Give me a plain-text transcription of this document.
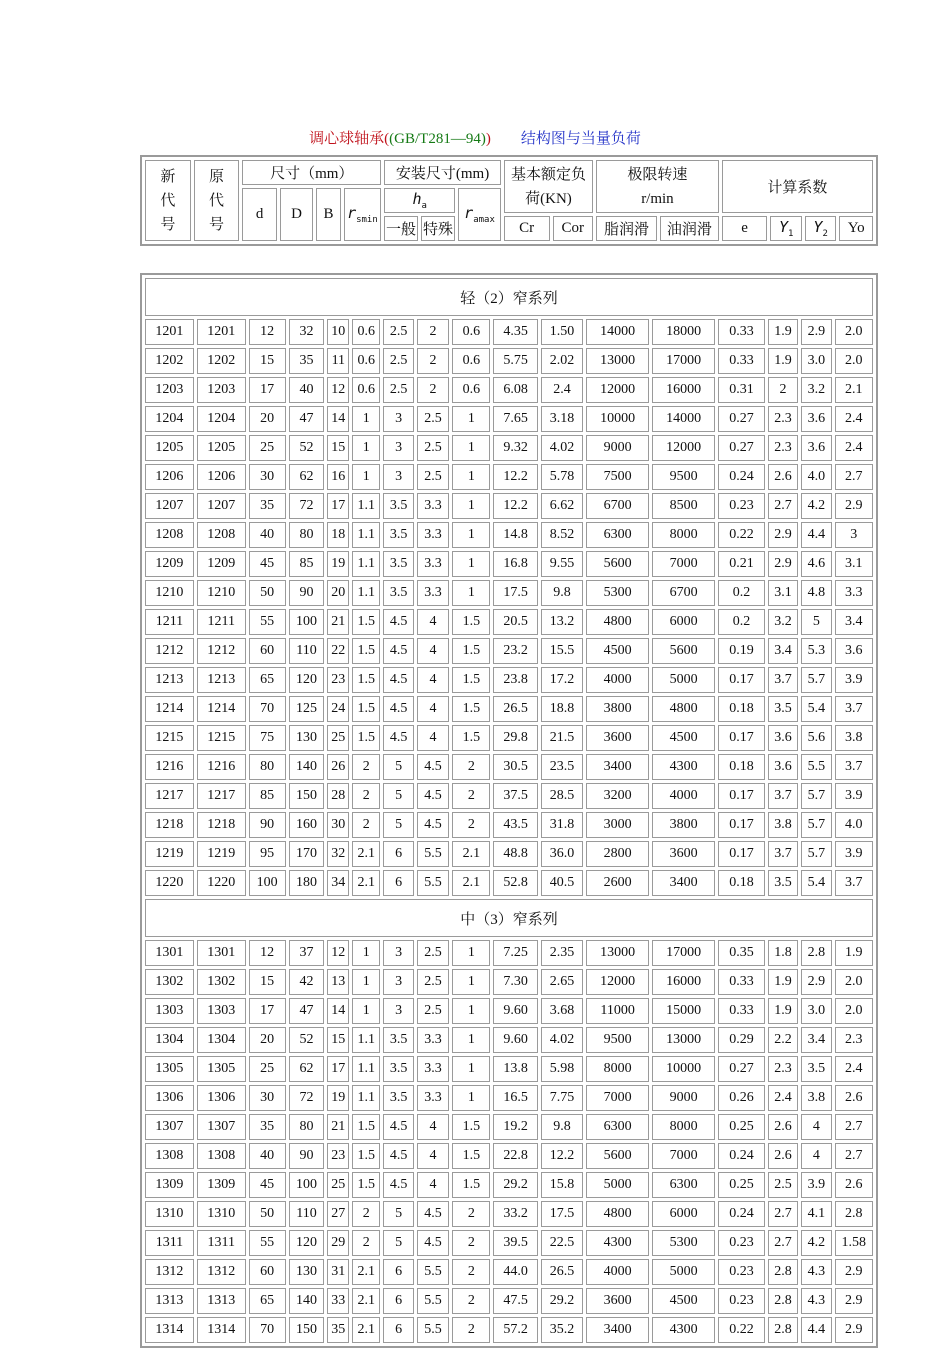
调心球轴承((GB/T281—94)) 结构图与当量负荷
新代号	原代号	尺寸（mm）				安装尺寸(mm)			基本额定负荷(KN)		极限转速r/min		计算系数			
		d	D	B	$r_{smin}$	$h_a$		$r_{amax}$
						一般	特殊		Cr	Cor	脂润滑	油润滑	e	$Y_1$	$Y_2$	Yo
轻（2）窄系列																
1201	1201	12	32	10	0.6	2.5	2	0.6	4.35	1.50	14000	18000	0.33	1.9	2.9	2.0
1202	1202	15	35	11	0.6	2.5	2	0.6	5.75	2.02	13000	17000	0.33	1.9	3.0	2.0
1203	1203	17	40	12	0.6	2.5	2	0.6	6.08	2.4	12000	16000	0.31	2	3.2	2.1
1204	1204	20	47	14	1	3	2.5	1	7.65	3.18	10000	14000	0.27	2.3	3.6	2.4
1205	1205	25	52	15	1	3	2.5	1	9.32	4.02	9000	12000	0.27	2.3	3.6	2.4
1206	1206	30	62	16	1	3	2.5	1	12.2	5.78	7500	9500	0.24	2.6	4.0	2.7
1207	1207	35	72	17	1.1	3.5	3.3	1	12.2	6.62	6700	8500	0.23	2.7	4.2	2.9
1208	1208	40	80	18	1.1	3.5	3.3	1	14.8	8.52	6300	8000	0.22	2.9	4.4	3
1209	1209	45	85	19	1.1	3.5	3.3	1	16.8	9.55	5600	7000	0.21	2.9	4.6	3.1
1210	1210	50	90	20	1.1	3.5	3.3	1	17.5	9.8	5300	6700	0.2	3.1	4.8	3.3
1211	1211	55	100	21	1.5	4.5	4	1.5	20.5	13.2	4800	6000	0.2	3.2	5	3.4
1212	1212	60	110	22	1.5	4.5	4	1.5	23.2	15.5	4500	5600	0.19	3.4	5.3	3.6
1213	1213	65	120	23	1.5	4.5	4	1.5	23.8	17.2	4000	5000	0.17	3.7	5.7	3.9
1214	1214	70	125	24	1.5	4.5	4	1.5	26.5	18.8	3800	4800	0.18	3.5	5.4	3.7
1215	1215	75	130	25	1.5	4.5	4	1.5	29.8	21.5	3600	4500	0.17	3.6	5.6	3.8
1216	1216	80	140	26	2	5	4.5	2	30.5	23.5	3400	4300	0.18	3.6	5.5	3.7
1217	1217	85	150	28	2	5	4.5	2	37.5	28.5	3200	4000	0.17	3.7	5.7	3.9
1218	1218	90	160	30	2	5	4.5	2	43.5	31.8	3000	3800	0.17	3.8	5.7	4.0
1219	1219	95	170	32	2.1	6	5.5	2.1	48.8	36.0	2800	3600	0.17	3.7	5.7	3.9
1220	1220	100	180	34	2.1	6	5.5	2.1	52.8	40.5	2600	3400	0.18	3.5	5.4	3.7
中（3）窄系列																
1301	1301	12	37	12	1	3	2.5	1	7.25	2.35	13000	17000	0.35	1.8	2.8	1.9
1302	1302	15	42	13	1	3	2.5	1	7.30	2.65	12000	16000	0.33	1.9	2.9	2.0
1303	1303	17	47	14	1	3	2.5	1	9.60	3.68	11000	15000	0.33	1.9	3.0	2.0
1304	1304	20	52	15	1.1	3.5	3.3	1	9.60	4.02	9500	13000	0.29	2.2	3.4	2.3
1305	1305	25	62	17	1.1	3.5	3.3	1	13.8	5.98	8000	10000	0.27	2.3	3.5	2.4
1306	1306	30	72	19	1.1	3.5	3.3	1	16.5	7.75	7000	9000	0.26	2.4	3.8	2.6
1307	1307	35	80	21	1.5	4.5	4	1.5	19.2	9.8	6300	8000	0.25	2.6	4	2.7
1308	1308	40	90	23	1.5	4.5	4	1.5	22.8	12.2	5600	7000	0.24	2.6	4	2.7
1309	1309	45	100	25	1.5	4.5	4	1.5	29.2	15.8	5000	6300	0.25	2.5	3.9	2.6
1310	1310	50	110	27	2	5	4.5	2	33.2	17.5	4800	6000	0.24	2.7	4.1	2.8
1311	1311	55	120	29	2	5	4.5	2	39.5	22.5	4300	5300	0.23	2.7	4.2	1.58
1312	1312	60	130	31	2.1	6	5.5	2	44.0	26.5	4000	5000	0.23	2.8	4.3	2.9
1313	1313	65	140	33	2.1	6	5.5	2	47.5	29.2	3600	4500	0.23	2.8	4.3	2.9
1314	1314	70	150	35	2.1	6	5.5	2	57.2	35.2	3400	4300	0.22	2.8	4.4	2.9
